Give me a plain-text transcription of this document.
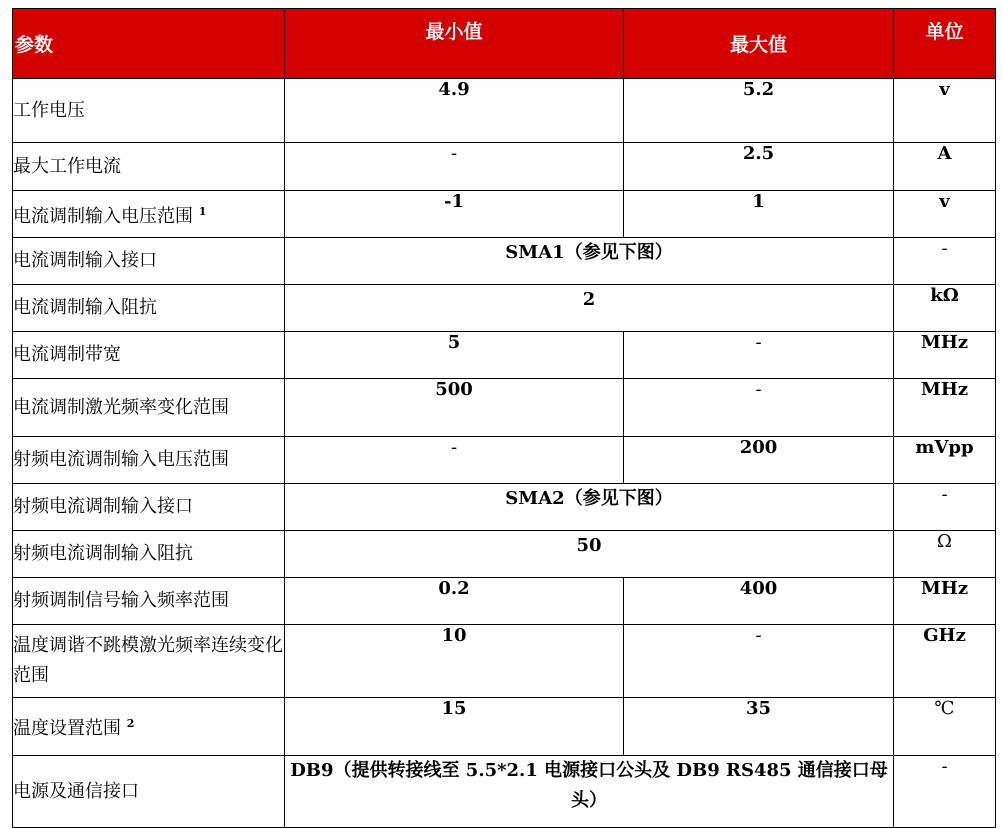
参数	最小值	最大值	单位
工作电压	4.9	5.2	v
最大工作电流	-	2.5	A
电流调制输入电压范围 $^1$	-1	1	v
电流调制输入接口	SMA1（参见下图）		-
电流调制输入阻抗	2		kΩ
电流调制带宽	5	-	MHz
电流调制激光频率变化范围	500	-	MHz
射频电流调制输入电压范围	-	200	mVpp
射频电流调制输入接口	SMA2（参见下图）		-
射频电流调制输入阻抗	50		Ω
射频调制信号输入频率范围	0.2	400	MHz
温度调谐不跳模激光频率连续变化范围	10	-	GHz
温度设置范围 $^2$	15	35	℃
电源及通信接口	DB9（提供转接线至 5.5*2.1 电源接口公头及 DB9 RS485 通信接口母头）		-
